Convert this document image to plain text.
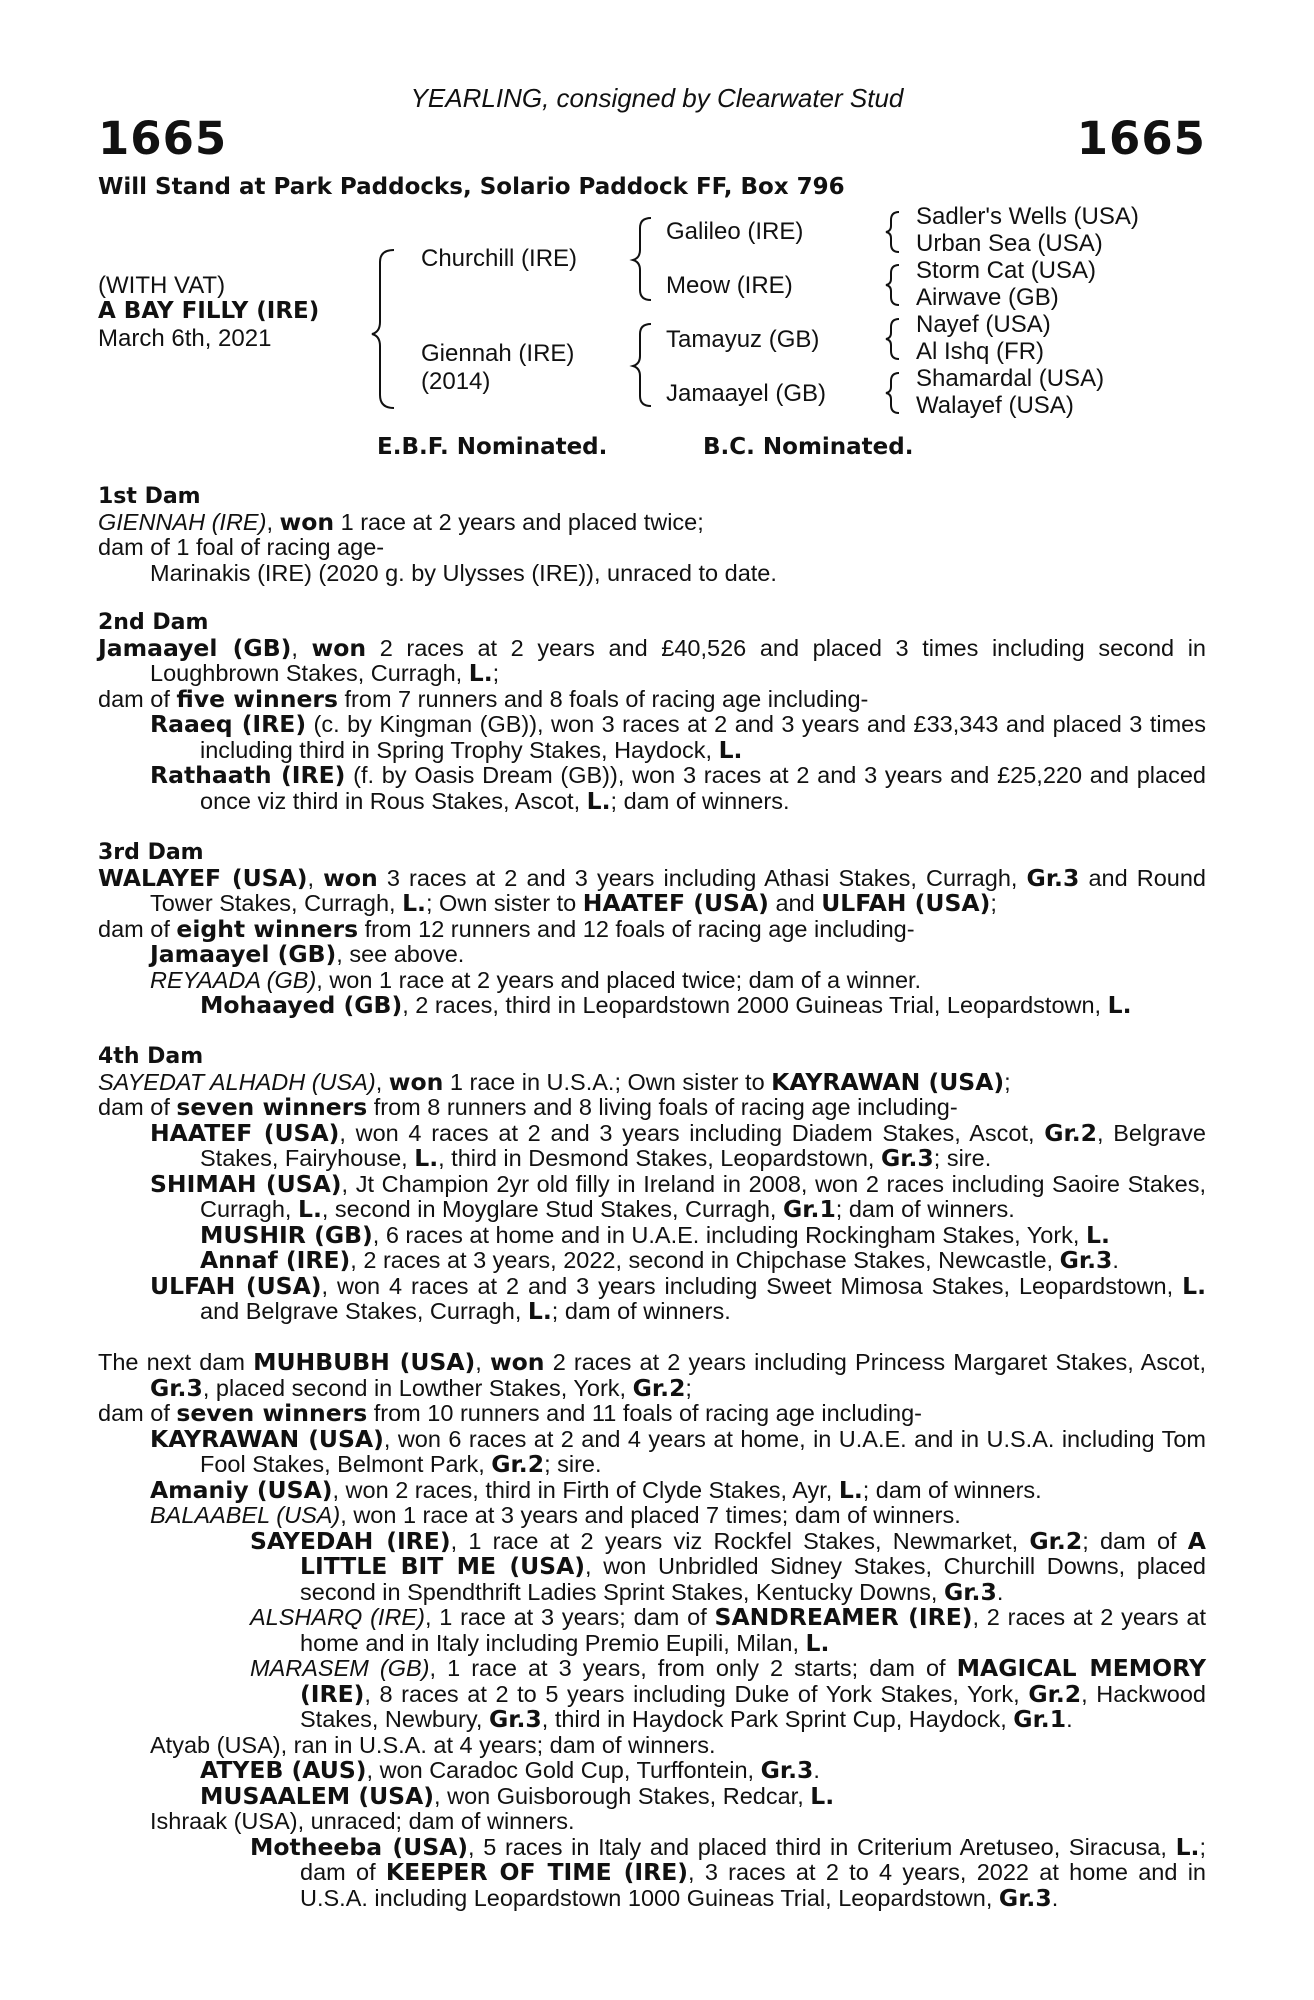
YEARLING, consigned by Clearwater Stud
1665	1665
Will Stand at Park Paddocks, Solario Paddock FF, Box 796
(WITH VAT)
A BAY FILLY (IRE)
March 6th, 2021
Churchill (IRE)
Giennah (IRE)
(2014)
Galileo (IRE)
Meow (IRE)
Tamayuz (GB)
Jamaayel (GB)
Sadler's Wells (USA)
Urban Sea (USA)
Storm Cat (USA)
Airwave (GB)
Nayef (USA)
Al Ishq (FR)
Shamardal (USA)
Walayef (USA)
E.B.F. Nominated.	B.C. Nominated.
1st Dam
GIENNAH (IRE), won 1 race at 2 years and placed twice;
dam of 1 foal of racing age-
Marinakis (IRE) (2020 g. by Ulysses (IRE)), unraced to date.
2nd Dam
Jamaayel (GB), won 2 races at 2 years and £40,526 and placed 3 times including second in Loughbrown Stakes, Curragh, L.;
dam of five winners from 7 runners and 8 foals of racing age including-
Raaeq (IRE) (c. by Kingman (GB)), won 3 races at 2 and 3 years and £33,343 and placed 3 times including third in Spring Trophy Stakes, Haydock, L.
Rathaath (IRE) (f. by Oasis Dream (GB)), won 3 races at 2 and 3 years and £25,220 and placed once viz third in Rous Stakes, Ascot, L.; dam of winners.
3rd Dam
WALAYEF (USA), won 3 races at 2 and 3 years including Athasi Stakes, Curragh, Gr.3 and Round Tower Stakes, Curragh, L.; Own sister to HAATEF (USA) and ULFAH (USA);
dam of eight winners from 12 runners and 12 foals of racing age including-
Jamaayel (GB), see above.
REYAADA (GB), won 1 race at 2 years and placed twice; dam of a winner.
Mohaayed (GB), 2 races, third in Leopardstown 2000 Guineas Trial, Leopardstown, L.
4th Dam
SAYEDAT ALHADH (USA), won 1 race in U.S.A.; Own sister to KAYRAWAN (USA);
dam of seven winners from 8 runners and 8 living foals of racing age including-
HAATEF (USA), won 4 races at 2 and 3 years including Diadem Stakes, Ascot, Gr.2, Belgrave Stakes, Fairyhouse, L., third in Desmond Stakes, Leopardstown, Gr.3; sire.
SHIMAH (USA), Jt Champion 2yr old filly in Ireland in 2008, won 2 races including Saoire Stakes, Curragh, L., second in Moyglare Stud Stakes, Curragh, Gr.1; dam of winners.
MUSHIR (GB), 6 races at home and in U.A.E. including Rockingham Stakes, York, L.
Annaf (IRE), 2 races at 3 years, 2022, second in Chipchase Stakes, Newcastle, Gr.3.
ULFAH (USA), won 4 races at 2 and 3 years including Sweet Mimosa Stakes, Leopardstown, L. and Belgrave Stakes, Curragh, L.; dam of winners.
The next dam MUHBUBH (USA), won 2 races at 2 years including Princess Margaret Stakes, Ascot, Gr.3, placed second in Lowther Stakes, York, Gr.2;
dam of seven winners from 10 runners and 11 foals of racing age including-
KAYRAWAN (USA), won 6 races at 2 and 4 years at home, in U.A.E. and in U.S.A. including Tom Fool Stakes, Belmont Park, Gr.2; sire.
Amaniy (USA), won 2 races, third in Firth of Clyde Stakes, Ayr, L.; dam of winners.
BALAABEL (USA), won 1 race at 3 years and placed 7 times; dam of winners.
SAYEDAH (IRE), 1 race at 2 years viz Rockfel Stakes, Newmarket, Gr.2; dam of A LITTLE BIT ME (USA), won Unbridled Sidney Stakes, Churchill Downs, placed second in Spendthrift Ladies Sprint Stakes, Kentucky Downs, Gr.3.
ALSHARQ (IRE), 1 race at 3 years; dam of SANDREAMER (IRE), 2 races at 2 years at home and in Italy including Premio Eupili, Milan, L.
MARASEM (GB), 1 race at 3 years, from only 2 starts; dam of MAGICAL MEMORY (IRE), 8 races at 2 to 5 years including Duke of York Stakes, York, Gr.2, Hackwood Stakes, Newbury, Gr.3, third in Haydock Park Sprint Cup, Haydock, Gr.1.
Atyab (USA), ran in U.S.A. at 4 years; dam of winners.
ATYEB (AUS), won Caradoc Gold Cup, Turffontein, Gr.3.
MUSAALEM (USA), won Guisborough Stakes, Redcar, L.
Ishraak (USA), unraced; dam of winners.
Motheeba (USA), 5 races in Italy and placed third in Criterium Aretuseo, Siracusa, L.; dam of KEEPER OF TIME (IRE), 3 races at 2 to 4 years, 2022 at home and in U.S.A. including Leopardstown 1000 Guineas Trial, Leopardstown, Gr.3.
